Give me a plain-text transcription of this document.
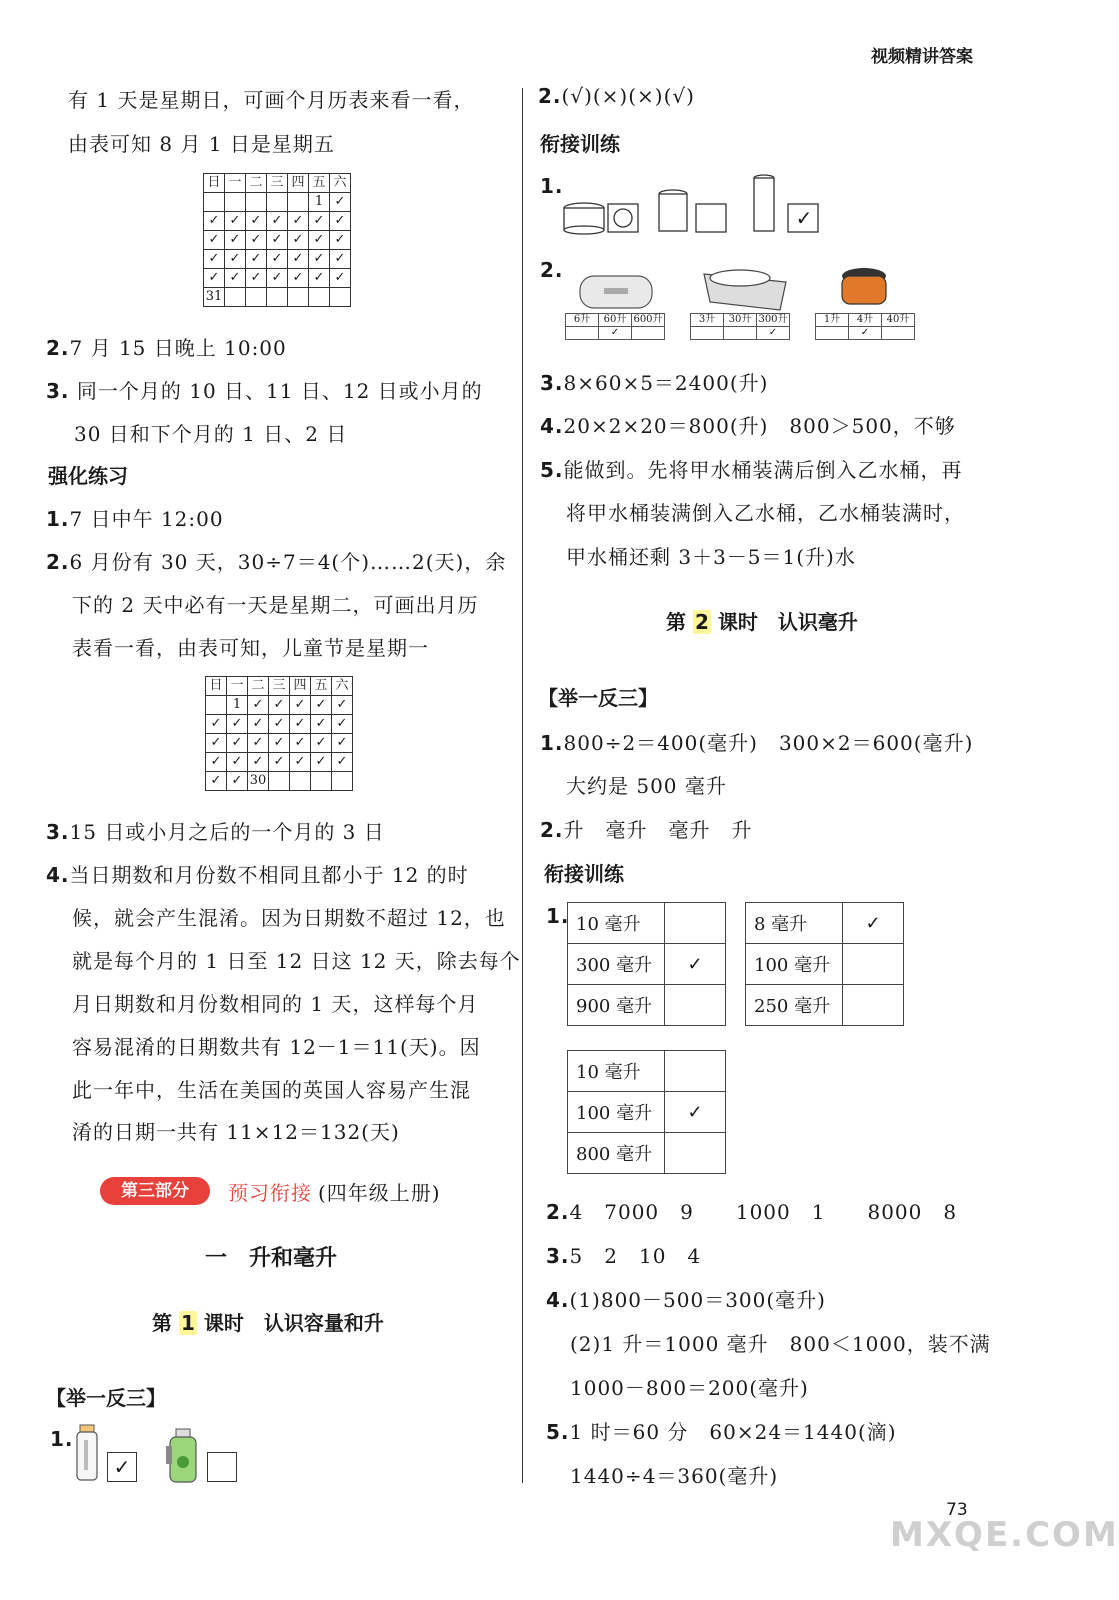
视频精讲答案
有 1 天是星期日，可画个月历表来看一看，
由表可知 8 月 1 日是星期五
日	一	二	三	四	五	六
					1	✓
✓	✓	✓	✓	✓	✓	✓
✓	✓	✓	✓	✓	✓	✓
✓	✓	✓	✓	✓	✓	✓
✓	✓	✓	✓	✓	✓	✓
31						
2.7 月 15 日晚上 10:00
3. 同一个月的 10 日、11 日、12 日或小月的
30 日和下个月的 1 日、2 日
强化练习
1.7 日中午 12:00
2.6 月份有 30 天，30÷7＝4(个)……2(天)，余
下的 2 天中必有一天是星期二，可画出月历
表看一看，由表可知，儿童节是星期一
日	一	二	三	四	五	六
	1	✓	✓	✓	✓	✓
✓	✓	✓	✓	✓	✓	✓
✓	✓	✓	✓	✓	✓	✓
✓	✓	✓	✓	✓	✓	✓
✓	✓	30				
3.15 日或小月之后的一个月的 3 日
4.当日期数和月份数不相同且都小于 12 的时
候，就会产生混淆。因为日期数不超过 12，也
就是每个月的 1 日至 12 日这 12 天，除去每个
月日期数和月份数相同的 1 天，这样每个月
容易混淆的日期数共有 12－1＝11(天)。因
此一年中，生活在美国的英国人容易产生混
淆的日期一共有 11×12＝132(天)
第三部分	预习衔接 (四年级上册)
一　升和毫升
第 1 课时　认识容量和升
【举一反三】
1.
✓
2.(√)(×)(×)(√)
衔接训练
1.
✓
2.
6升	60升	600升
	✓	
3升	30升	300升
		✓
1升	4升	40升
	✓	
3.8×60×5＝2400(升)
4.20×2×20＝800(升)　800＞500，不够
5.能做到。先将甲水桶装满后倒入乙水桶，再
将甲水桶装满倒入乙水桶，乙水桶装满时，
甲水桶还剩 3＋3－5＝1(升)水
第 2 课时　认识毫升
【举一反三】
1.800÷2＝400(毫升)　300×2＝600(毫升)
大约是 500 毫升
2.升　毫升　毫升　升
衔接训练
1. 10 毫升	
300 毫升	✓
900 毫升	
8 毫升	✓
100 毫升	
250 毫升	
10 毫升	
100 毫升	✓
800 毫升	
2.4　7000　9　　1000　1　　8000　8
3.5　2　10　4
4.(1)800－500＝300(毫升)
(2)1 升＝1000 毫升　800＜1000，装不满
1000－800＝200(毫升)
5.1 时＝60 分　60×24＝1440(滴)
1440÷4＝360(毫升)
MXQE.COM
73
